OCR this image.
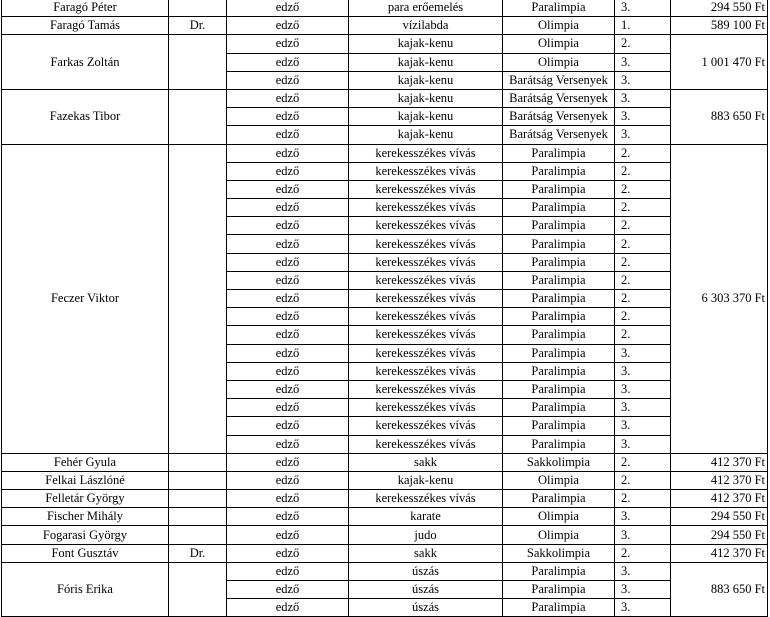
Faragó Péter		edző	para erőemelés	Paralimpia	3.	294 550 Ft
Faragó Tamás	Dr.	edző	vízilabda	Olimpia	1.	589 100 Ft
Farkas Zoltán		edző	kajak-kenu	Olimpia	2.	1 001 470 Ft
		edző	kajak-kenu	Olimpia	3.	
		edző	kajak-kenu	Barátság Versenyek	3.	
Fazekas Tibor		edző	kajak-kenu	Barátság Versenyek	3.	883 650 Ft
		edző	kajak-kenu	Barátság Versenyek	3.	
		edző	kajak-kenu	Barátság Versenyek	3.	
Feczer Viktor		edző	kerekesszékes vívás	Paralimpia	2.	6 303 370 Ft
		edző	kerekesszékes vívás	Paralimpia	2.	
		edző	kerekesszékes vívás	Paralimpia	2.	
		edző	kerekesszékes vívás	Paralimpia	2.	
		edző	kerekesszékes vívás	Paralimpia	2.	
		edző	kerekesszékes vívás	Paralimpia	2.	
		edző	kerekesszékes vívás	Paralimpia	2.	
		edző	kerekesszékes vívás	Paralimpia	2.	
		edző	kerekesszékes vívás	Paralimpia	2.	
		edző	kerekesszékes vívás	Paralimpia	2.	
		edző	kerekesszékes vívás	Paralimpia	2.	
		edző	kerekesszékes vívás	Paralimpia	3.	
		edző	kerekesszékes vívás	Paralimpia	3.	
		edző	kerekesszékes vívás	Paralimpia	3.	
		edző	kerekesszékes vívás	Paralimpia	3.	
		edző	kerekesszékes vívás	Paralimpia	3.	
		edző	kerekesszékes vívás	Paralimpia	3.	
Fehér Gyula		edző	sakk	Sakkolimpia	2.	412 370 Ft
Felkai Lászlóné		edző	kajak-kenu	Olimpia	2.	412 370 Ft
Felletár György		edző	kerekesszékes vívás	Paralimpia	2.	412 370 Ft
Fischer Mihály		edző	karate	Olimpia	3.	294 550 Ft
Fogarasi György		edző	judo	Olimpia	3.	294 550 Ft
Font Gusztáv	Dr.	edző	sakk	Sakkolimpia	2.	412 370 Ft
Fóris Erika		edző	úszás	Paralimpia	3.	883 650 Ft
		edző	úszás	Paralimpia	3.	
		edző	úszás	Paralimpia	3.	
